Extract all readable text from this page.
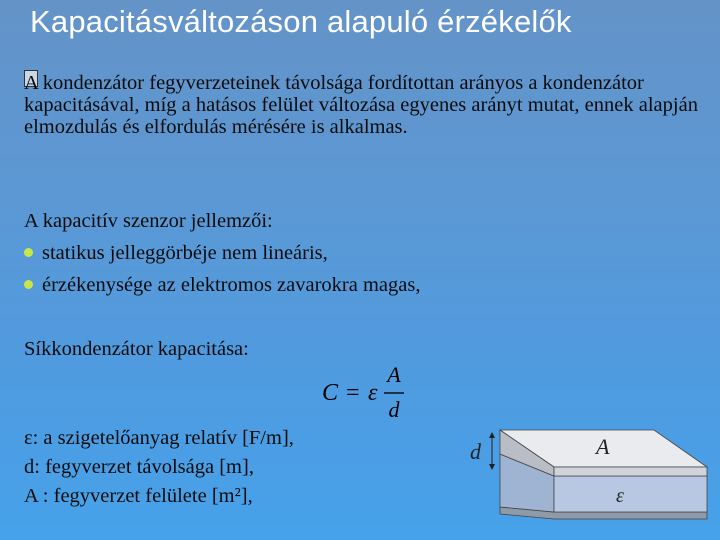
Kapacitásváltozáson alapuló érzékelők
A kondenzátor fegyverzeteinek távolsága fordítottan arányos a kondenzátor kapacitásával, míg a hatásos felület változása egyenes arányt mutat, ennek alapján elmozdulás és elfordulás mérésére is alkalmas.
A kapacitív szenzor jellemzői:
statikus jelleggörbéje nem lineáris,
érzékenysége az elektromos zavarokra magas,
Síkkondenzátor kapacitása:
C = ε
A
d
ε: a szigetelőanyag relatív [F/m],
d: fegyverzet távolsága [m],
A : fegyverzet felülete [m²],
d	A
ε
